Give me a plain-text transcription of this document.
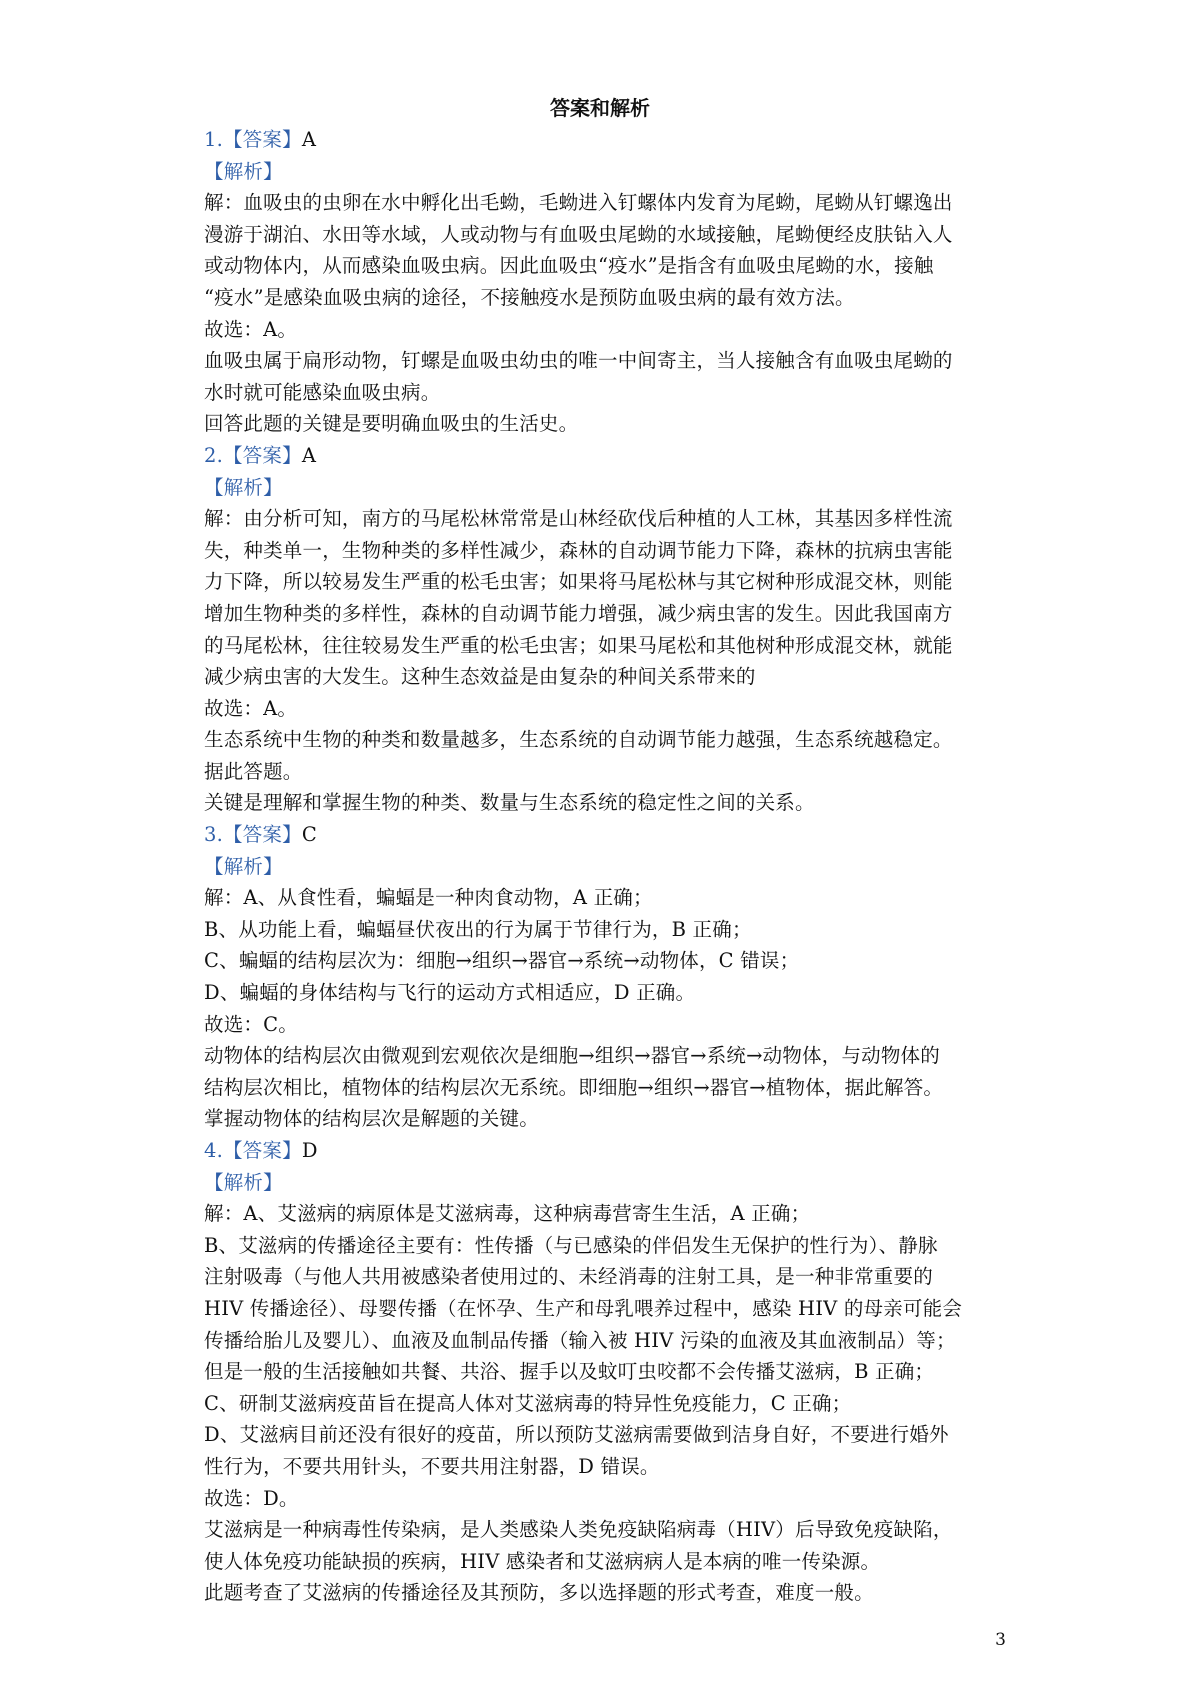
答案和解析
1.【答案】A
【解析】
解：血吸虫的虫卵在水中孵化出毛蚴，毛蚴进入钉螺体内发育为尾蚴，尾蚴从钉螺逸出
漫游于湖泊、水田等水域，人或动物与有血吸虫尾蚴的水域接触，尾蚴便经皮肤钻入人
或动物体内，从而感染血吸虫病。因此血吸虫“疫水”是指含有血吸虫尾蚴的水，接触
“疫水”是感染血吸虫病的途径，不接触疫水是预防血吸虫病的最有效方法。
故选：A。
血吸虫属于扁形动物，钉螺是血吸虫幼虫的唯一中间寄主，当人接触含有血吸虫尾蚴的
水时就可能感染血吸虫病。
回答此题的关键是要明确血吸虫的生活史。
2.【答案】A
【解析】
解：由分析可知，南方的马尾松林常常是山林经砍伐后种植的人工林，其基因多样性流
失，种类单一，生物种类的多样性减少，森林的自动调节能力下降，森林的抗病虫害能
力下降，所以较易发生严重的松毛虫害；如果将马尾松林与其它树种形成混交林，则能
增加生物种类的多样性，森林的自动调节能力增强，减少病虫害的发生。因此我国南方
的马尾松林，往往较易发生严重的松毛虫害；如果马尾松和其他树种形成混交林，就能
减少病虫害的大发生。这种生态效益是由复杂的种间关系带来的
故选：A。
生态系统中生物的种类和数量越多，生态系统的自动调节能力越强，生态系统越稳定。
据此答题。
关键是理解和掌握生物的种类、数量与生态系统的稳定性之间的关系。
3.【答案】C
【解析】
解：A、从食性看，蝙蝠是一种肉食动物，A 正确；
B、从功能上看，蝙蝠昼伏夜出的行为属于节律行为，B 正确；
C、蝙蝠的结构层次为：细胞→组织→器官→系统→动物体，C 错误；
D、蝙蝠的身体结构与飞行的运动方式相适应，D 正确。
故选：C。
动物体的结构层次由微观到宏观依次是细胞→组织→器官→系统→动物体，与动物体的
结构层次相比，植物体的结构层次无系统。即细胞→组织→器官→植物体，据此解答。
掌握动物体的结构层次是解题的关键。
4.【答案】D
【解析】
解：A、艾滋病的病原体是艾滋病毒，这种病毒营寄生生活，A 正确；
B、艾滋病的传播途径主要有：性传播（与已感染的伴侣发生无保护的性行为）、静脉
注射吸毒（与他人共用被感染者使用过的、未经消毒的注射工具，是一种非常重要的
HIV 传播途径）、母婴传播（在怀孕、生产和母乳喂养过程中，感染 HIV 的母亲可能会
传播给胎儿及婴儿）、血液及血制品传播（输入被 HIV 污染的血液及其血液制品）等；
但是一般的生活接触如共餐、共浴、握手以及蚊叮虫咬都不会传播艾滋病，B 正确；
C、研制艾滋病疫苗旨在提高人体对艾滋病毒的特异性免疫能力，C 正确；
D、艾滋病目前还没有很好的疫苗，所以预防艾滋病需要做到洁身自好，不要进行婚外
性行为，不要共用针头，不要共用注射器，D 错误。
故选：D。
艾滋病是一种病毒性传染病，是人类感染人类免疫缺陷病毒（HIV）后导致免疫缺陷，
使人体免疫功能缺损的疾病，HIV 感染者和艾滋病病人是本病的唯一传染源。
此题考查了艾滋病的传播途径及其预防，多以选择题的形式考查，难度一般。
3
